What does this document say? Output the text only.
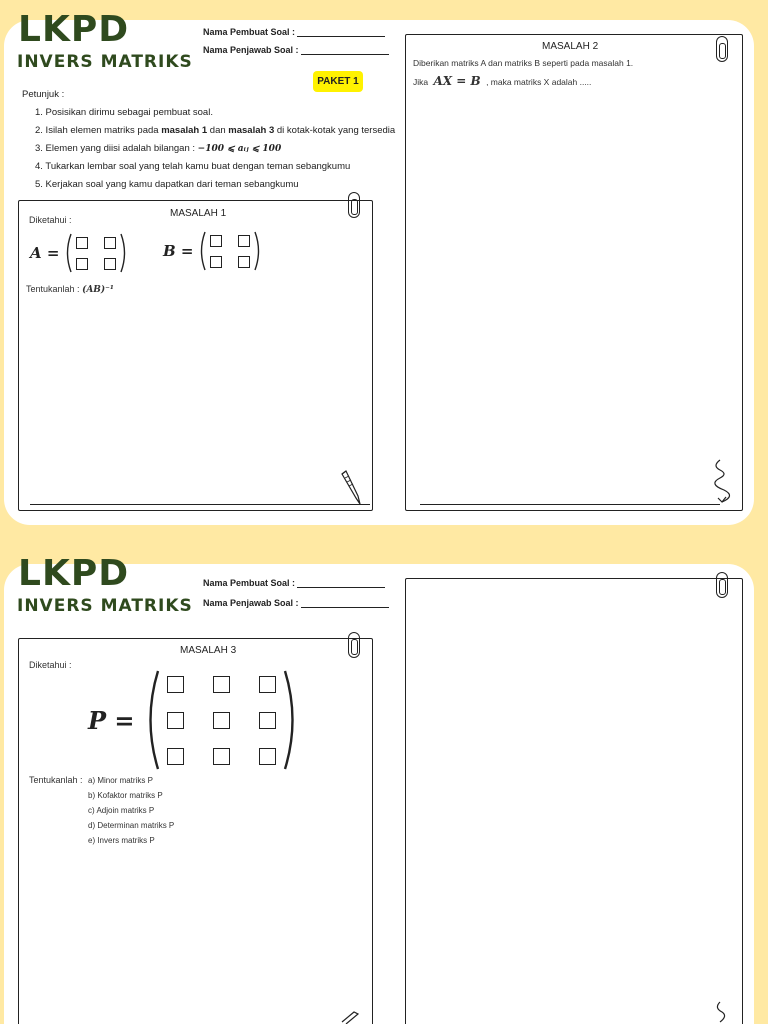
LKPD
INVERS MATRIKS
Nama Pembuat Soal :
Nama Penjawab Soal :
PAKET 1
Petunjuk :
1. Posisikan dirimu sebagai pembuat soal.
2. Isilah elemen matriks pada masalah 1 dan masalah 3 di kotak-kotak yang tersedia
3. Elemen yang diisi adalah bilangan : −100 ⩽ aᵢⱼ ⩽ 100
4. Tukarkan lembar soal yang telah kamu buat dengan teman sebangkumu
5. Kerjakan soal yang kamu dapatkan dari teman sebangkumu
MASALAH 1
Diketahui :
A =	B =
Tentukanlah : (AB)⁻¹
MASALAH 2
Diberikan matriks A dan matriks B seperti pada masalah 1.
Jika AX = B , maka matriks X adalah .....
LKPD
INVERS MATRIKS
Nama Pembuat Soal :
Nama Penjawab Soal :
MASALAH 3
Diketahui :
P =
Tentukanlah : a) Minor matriks P
b) Kofaktor matriks P
c) Adjoin matriks P
d) Determinan matriks P
e) Invers matriks P
